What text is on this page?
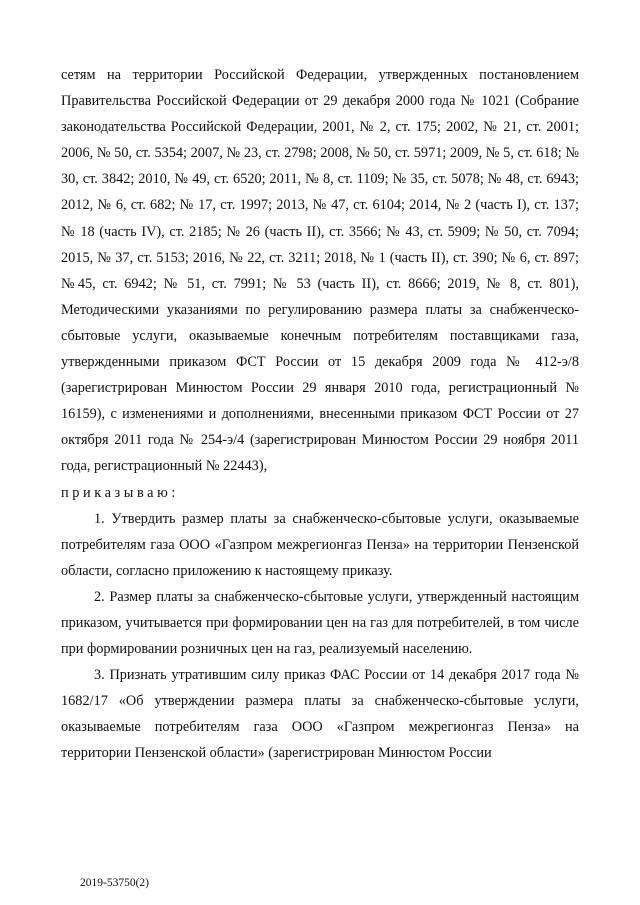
сетям на территории Российской Федерации, утвержденных постановлением Правительства Российской Федерации от 29 декабря 2000 года № 1021 (Собрание законодательства Российской Федерации, 2001, № 2, ст. 175; 2002, № 21, ст. 2001; 2006, № 50, ст. 5354; 2007, № 23, ст. 2798; 2008, № 50, ст. 5971; 2009, № 5, ст. 618; № 30, ст. 3842; 2010, № 49, ст. 6520; 2011, № 8, ст. 1109; № 35, ст. 5078; № 48, ст. 6943; 2012, № 6, ст. 682; № 17, ст. 1997; 2013, № 47, ст. 6104; 2014, № 2 (часть I), ст. 137; № 18 (часть IV), ст. 2185; № 26 (часть II), ст. 3566; № 43, ст. 5909; № 50, ст. 7094; 2015, № 37, ст. 5153; 2016, № 22, ст. 3211; 2018, № 1 (часть II), ст. 390; № 6, ст. 897; №45, ст. 6942; № 51, ст. 7991; № 53 (часть II), ст. 8666; 2019, № 8, ст. 801), Методическими указаниями по регулированию размера платы за снабженческо-сбытовые услуги, оказываемые конечным потребителям поставщиками газа, утвержденными приказом ФСТ России от 15 декабря 2009 года № 412-э/8 (зарегистрирован Минюстом России 29 января 2010 года, регистрационный № 16159), с изменениями и дополнениями, внесенными приказом ФСТ России от 27 октября 2011 года № 254-э/4 (зарегистрирован Минюстом России 29 ноября 2011 года, регистрационный № 22443),

приказываю:

1. Утвердить размер платы за снабженческо-сбытовые услуги, оказываемые потребителям газа ООО «Газпром межрегионгаз Пенза» на территории Пензенской области, согласно приложению к настоящему приказу.

2. Размер платы за снабженческо-сбытовые услуги, утвержденный настоящим приказом, учитывается при формировании цен на газ для потребителей, в том числе при формировании розничных цен на газ, реализуемый населению.

3. Признать утратившим силу приказ ФАС России от 14 декабря 2017 года № 1682/17 «Об утверждении размера платы за снабженческо-сбытовые услуги, оказываемые потребителям газа ООО «Газпром межрегионгаз Пенза» на территории Пензенской области» (зарегистрирован Минюстом России

2019-53750(2)
